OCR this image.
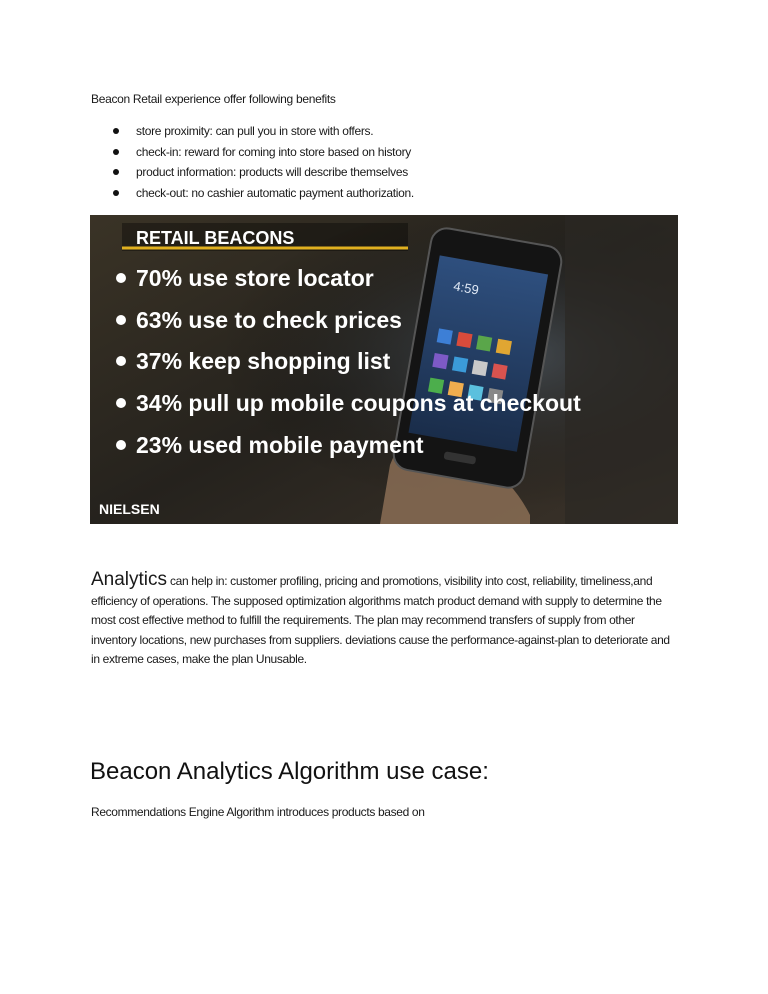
Beacon Retail experience offer following benefits

store proximity: can pull you in store with offers.
check-in: reward for coming into store based on history
product information: products will describe themselves
check-out: no cashier automatic payment authorization.
4:59
RETAIL BEACONS
70% use store locator
63% use to check prices
37% keep shopping list
34% pull up mobile coupons at checkout
23% used mobile payment
NIELSEN

Analytics can help in: customer profiling, pricing and promotions, visibility into cost, reliability, timeliness,and efficiency of operations. The supposed optimization algorithms match product demand with supply to determine the most cost effective method to fulfill the requirements. The plan may recommend transfers of supply from other inventory locations, new purchases from suppliers. deviations cause the performance-against-plan to deteriorate and in extreme cases, make the plan Unusable.

Beacon Analytics Algorithm use case:

Recommendations Engine Algorithm introduces products based on
